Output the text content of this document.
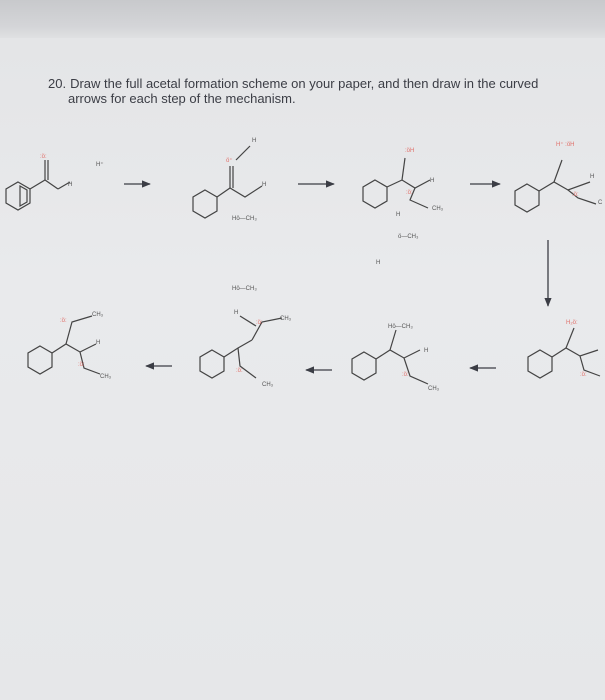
20. Draw the full acetal formation scheme on your paper, and then draw in the curved
arrows for each step of the mechanism.
:ö:
H
H⁺
ö⁺
H
H
Hö—CH₃
:öH
H
:ö:
CH₃
H
ö—CH₃
H
H⁺ :öH
H
:ö:
C
:ö:
CH₃
H
:ö:
CH₃
Hö—CH₃
H
:ö:
CH₃
:ö:
CH₃
Hö—CH₃
H
:ö:
CH₃
H₂ö:
:ö:
